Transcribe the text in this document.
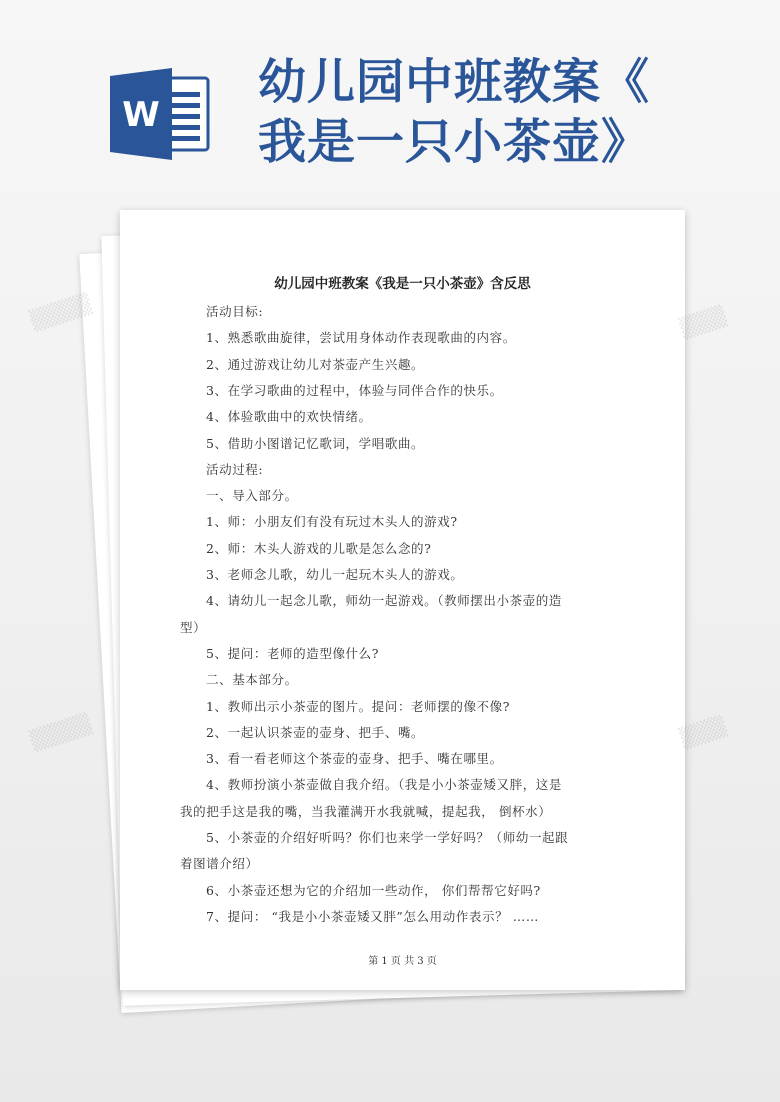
W
幼儿园中班教案《
我是一只小茶壶》
幼儿园中班教案《我是一只小茶壶》含反思
活动目标:
1、熟悉歌曲旋律，尝试用身体动作表现歌曲的内容。
2、通过游戏让幼儿对茶壶产生兴趣。
3、在学习歌曲的过程中，体验与同伴合作的快乐。
4、体验歌曲中的欢快情绪。
5、借助小图谱记忆歌词，学唱歌曲。
活动过程:
一、导入部分。
1、师：小朋友们有没有玩过木头人的游戏?
2、师：木头人游戏的儿歌是怎么念的?
3、老师念儿歌，幼儿一起玩木头人的游戏。
4、请幼儿一起念儿歌，师幼一起游戏。（教师摆出小茶壶的造
型）
5、提问：老师的造型像什么?
二、基本部分。
1、教师出示小茶壶的图片。提问：老师摆的像不像?
2、一起认识茶壶的壶身、把手、嘴。
3、看一看老师这个茶壶的壶身、把手、嘴在哪里。
4、教师扮演小茶壶做自我介绍。（我是小小茶壶矮又胖，这是
我的把手这是我的嘴，当我灌满开水我就喊，提起我， 倒杯水）
5、小茶壶的介绍好听吗？你们也来学一学好吗？（师幼一起跟
着图谱介绍）
6、小茶壶还想为它的介绍加一些动作， 你们帮帮它好吗?
7、提问： “我是小小茶壶矮又胖”怎么用动作表示？ ……
第 1 页 共 3 页
▒▒▒▒
▒▒▒▒
▒▒▒
▒▒▒
